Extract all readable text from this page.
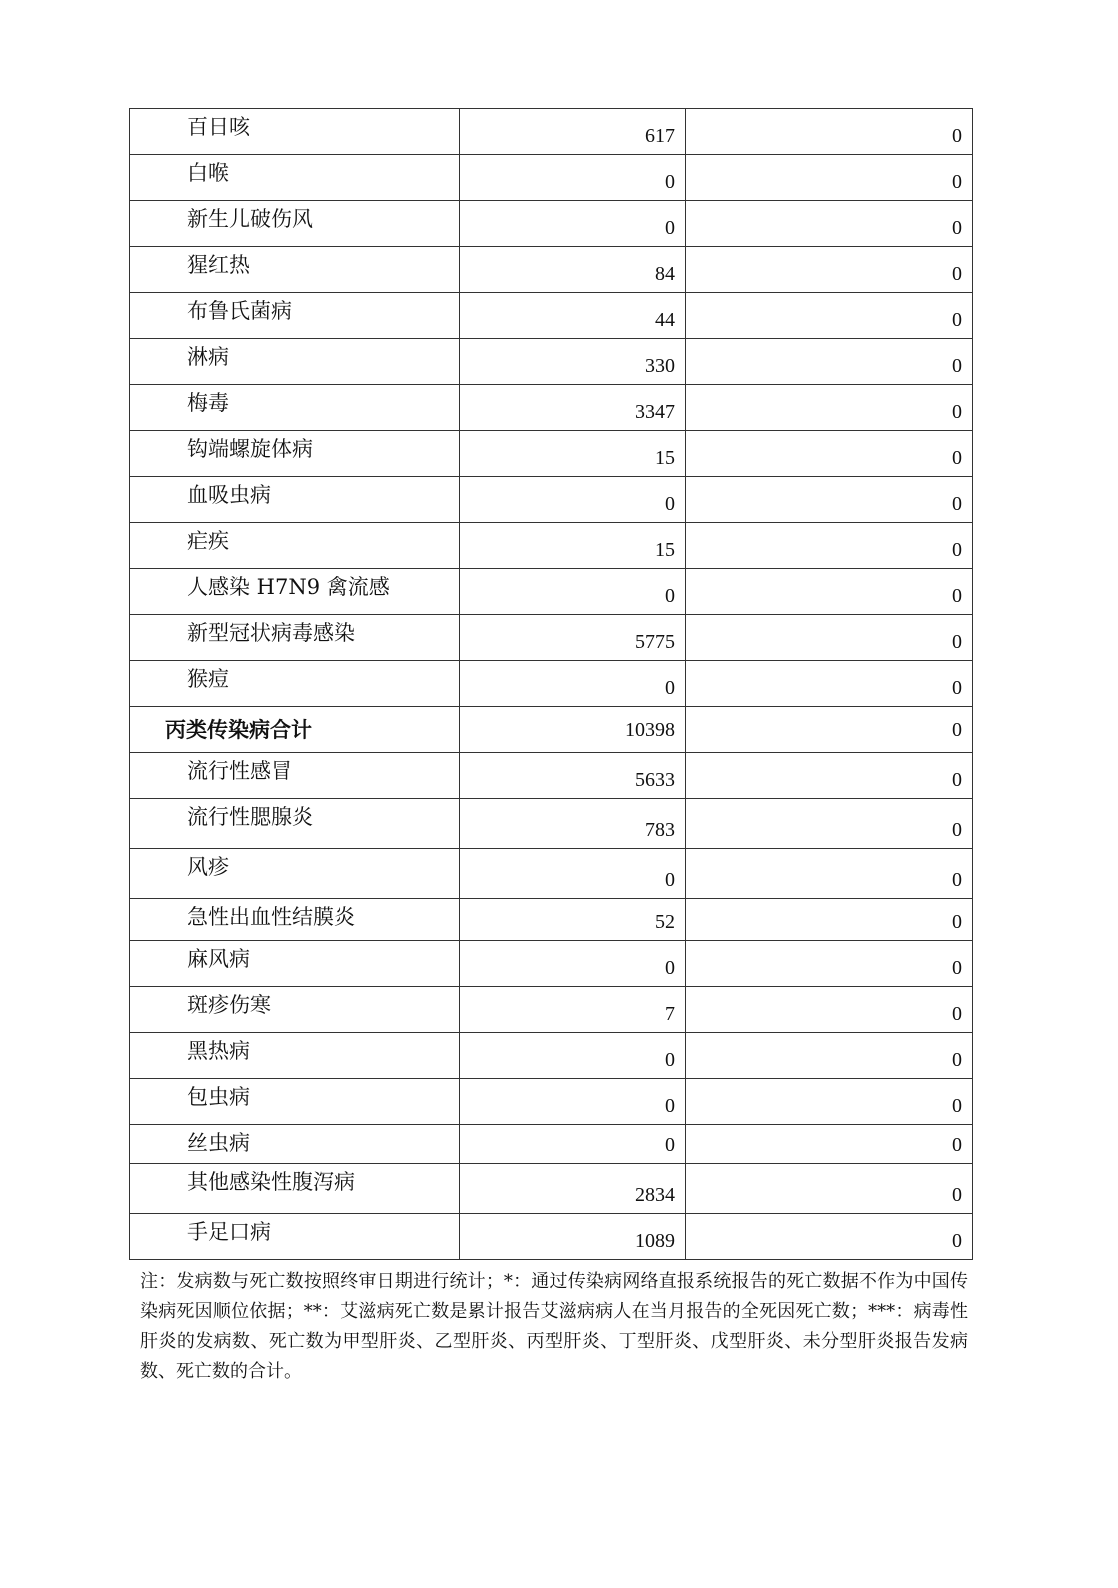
百日咳	617	0
白喉	0	0
新生儿破伤风	0	0
猩红热	84	0
布鲁氏菌病	44	0
淋病	330	0
梅毒	3347	0
钩端螺旋体病	15	0
血吸虫病	0	0
疟疾	15	0
人感染 H7N9 禽流感	0	0
新型冠状病毒感染	5775	0
猴痘	0	0
丙类传染病合计	10398	0
流行性感冒	5633	0
流行性腮腺炎	783	0
风疹	0	0
急性出血性结膜炎	52	0
麻风病	0	0
斑疹伤寒	7	0
黑热病	0	0
包虫病	0	0
丝虫病	0	0
其他感染性腹泻病	2834	0
手足口病	1089	0

注：发病数与死亡数按照终审日期进行统计；*：通过传染病网络直报系统报告的死亡数据不作为中国传染病死因顺位依据；**：艾滋病死亡数是累计报告艾滋病病人在当月报告的全死因死亡数；***：病毒性肝炎的发病数、死亡数为甲型肝炎、乙型肝炎、丙型肝炎、丁型肝炎、戊型肝炎、未分型肝炎报告发病数、死亡数的合计。
